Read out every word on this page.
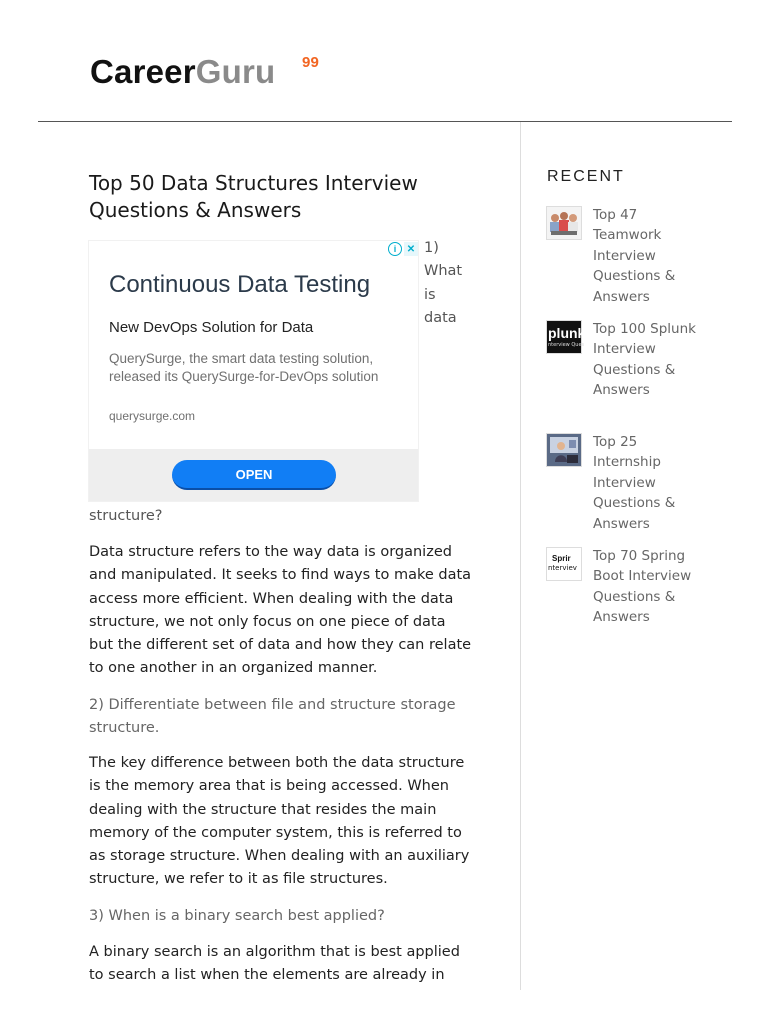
CareerGuru 99
Top 50 Data Structures Interview Questions & Answers
i	✕
Continuous Data Testing
New DevOps Solution for Data
QuerySurge, the smart data testing solution, released its QuerySurge-for-DevOps solution
querysurge.com
OPEN
1) What is data
structure?

Data structure refers to the way data is organized and manipulated. It seeks to find ways to make data access more efficient. When dealing with the data structure, we not only focus on one piece of data but the different set of data and how they can relate to one another in an organized manner.

2) Differentiate between file and structure storage structure.

The key difference between both the data structure is the memory area that is being accessed. When dealing with the structure that resides the main memory of the computer system, this is referred to as storage structure. When dealing with an auxiliary structure, we refer to it as file structures.

3) When is a binary search best applied?

A binary search is an algorithm that is best applied to search a list when the elements are already in

RECENT
Top 47 Teamwork Interview Questions & Answers
plunk
nterview Ques
Top 100 Splunk Interview Questions & Answers
Top 25 Internship Interview Questions & Answers
Sprir
nterviev
Top 70 Spring Boot Interview Questions & Answers
